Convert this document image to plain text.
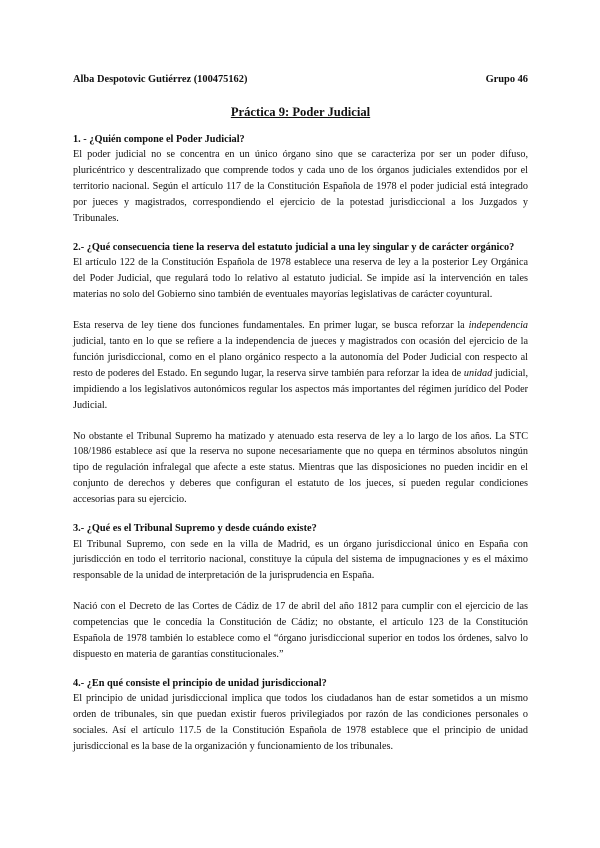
Alba Despotovic Gutiérrez (100475162)	Grupo 46
Práctica 9: Poder Judicial
1. - ¿Quién compone el Poder Judicial?

El poder judicial no se concentra en un único órgano sino que se caracteriza por ser un poder difuso, pluricéntrico y descentralizado que comprende todos y cada uno de los órganos judiciales extendidos por el territorio nacional. Según el artículo 117 de la Constitución Española de 1978 el poder judicial está integrado por jueces y magistrados, correspondiendo el ejercicio de la potestad jurisdiccional a los Juzgados y Tribunales.

2.- ¿Qué consecuencia tiene la reserva del estatuto judicial a una ley singular y de carácter orgánico?

El artículo 122 de la Constitución Española de 1978 establece una reserva de ley a la posterior Ley Orgánica del Poder Judicial, que regulará todo lo relativo al estatuto judicial. Se impide así la intervención en tales materias no solo del Gobierno sino también de eventuales mayorías legislativas de carácter coyuntural.

Esta reserva de ley tiene dos funciones fundamentales. En primer lugar, se busca reforzar la independencia judicial, tanto en lo que se refiere a la independencia de jueces y magistrados con ocasión del ejercicio de la función jurisdiccional, como en el plano orgánico respecto a la autonomía del Poder Judicial con respecto al resto de poderes del Estado. En segundo lugar, la reserva sirve también para reforzar la idea de unidad judicial, impidiendo a los legislativos autonómicos regular los aspectos más importantes del régimen jurídico del Poder Judicial.

No obstante el Tribunal Supremo ha matizado y atenuado esta reserva de ley a lo largo de los años. La STC 108/1986 establece así que la reserva no supone necesariamente que no quepa en términos absolutos ningún tipo de regulación infralegal que afecte a este status. Mientras que las disposiciones no pueden incidir en el conjunto de derechos y deberes que configuran el estatuto de los jueces, sí pueden regular condiciones accesorias para su ejercicio.

3.- ¿Qué es el Tribunal Supremo y desde cuándo existe?

El Tribunal Supremo, con sede en la villa de Madrid, es un órgano jurisdiccional único en España con jurisdicción en todo el territorio nacional, constituye la cúpula del sistema de impugnaciones y es el máximo responsable de la unidad de interpretación de la jurisprudencia en España.

Nació con el Decreto de las Cortes de Cádiz de 17 de abril del año 1812 para cumplir con el ejercicio de las competencias que le concedía la Constitución de Cádiz; no obstante, el artículo 123 de la Constitución Española de 1978 también lo establece como el “órgano jurisdiccional superior en todos los órdenes, salvo lo dispuesto en materia de garantías constitucionales.”

4.- ¿En qué consiste el principio de unidad jurisdiccional?

El principio de unidad jurisdiccional implica que todos los ciudadanos han de estar sometidos a un mismo orden de tribunales, sin que puedan existir fueros privilegiados por razón de las condiciones personales o sociales. Así el artículo 117.5 de la Constitución Española de 1978 establece que el principio de unidad jurisdiccional es la base de la organización y funcionamiento de los tribunales.
